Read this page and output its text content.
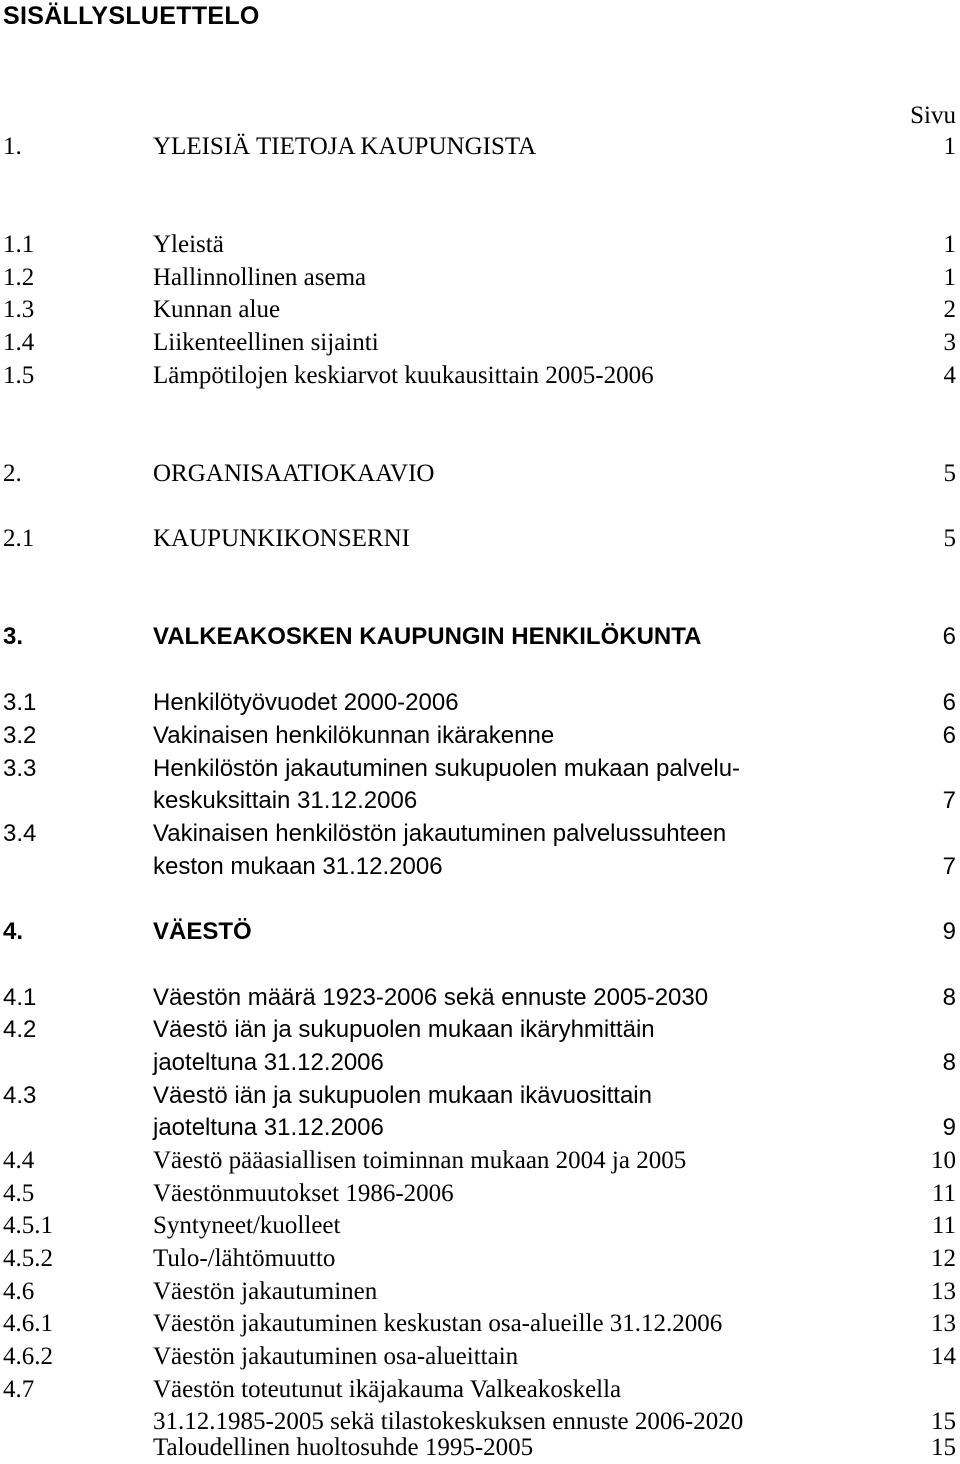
SISÄLLYSLUETTELO
Sivu
1.	YLEISIÄ TIETOJA KAUPUNGISTA	1
1.1	Yleistä	1
1.2	Hallinnollinen asema	1
1.3	Kunnan alue	2
1.4	Liikenteellinen sijainti	3
1.5	Lämpötilojen keskiarvot kuukausittain 2005-2006	4
2.	ORGANISAATIOKAAVIO	5
2.1	KAUPUNKIKONSERNI	5
3.	VALKEAKOSKEN KAUPUNGIN HENKILÖKUNTA	6
3.1	Henkilötyövuodet 2000-2006	6
3.2	Vakinaisen henkilökunnan ikärakenne	6
3.3	Henkilöstön jakautuminen sukupuolen mukaan palvelu-
keskuksittain 31.12.2006	7
3.4	Vakinaisen henkilöstön jakautuminen palvelussuhteen
keston mukaan 31.12.2006	7
4.	VÄESTÖ	9
4.1	Väestön määrä 1923-2006 sekä ennuste 2005-2030	8
4.2	Väestö iän ja sukupuolen mukaan ikäryhmittäin
jaoteltuna 31.12.2006	8
4.3	Väestö iän ja sukupuolen mukaan ikävuosittain
jaoteltuna 31.12.2006	9
4.4	Väestö pääasiallisen toiminnan mukaan 2004 ja 2005	10
4.5	Väestönmuutokset 1986-2006	11
4.5.1	Syntyneet/kuolleet	11
4.5.2	Tulo-/lähtömuutto	12
4.6	Väestön jakautuminen	13
4.6.1	Väestön jakautuminen keskustan osa-alueille 31.12.2006	13
4.6.2	Väestön jakautuminen osa-alueittain	14
4.7	Väestön toteutunut ikäjakauma Valkeakoskella
31.12.1985-2005 sekä tilastokeskuksen ennuste 2006-2020	15
Taloudellinen huoltosuhde 1995-2005	15
